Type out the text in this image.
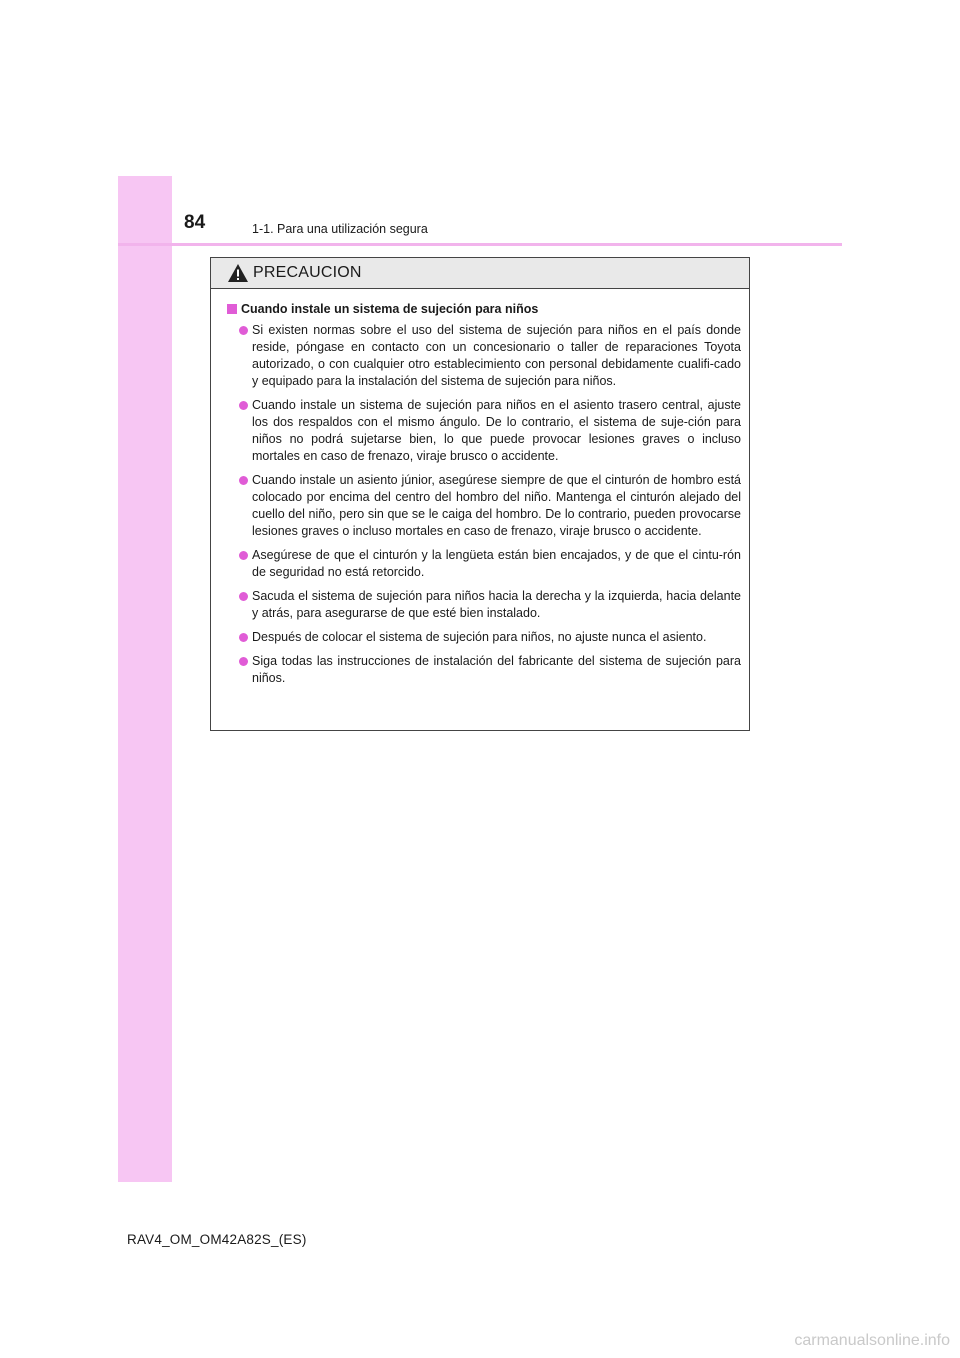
84	1-1. Para una utilización segura
PRECAUCION
Cuando instale un sistema de sujeción para niños
Si existen normas sobre el uso del sistema de sujeción para niños en el país donde reside, póngase en contacto con un concesionario o taller de reparaciones Toyota autorizado, o con cualquier otro establecimiento con personal debidamente cualifi-cado y equipado para la instalación del sistema de sujeción para niños.
Cuando instale un sistema de sujeción para niños en el asiento trasero central, ajuste los dos respaldos con el mismo ángulo. De lo contrario, el sistema de suje-ción para niños no podrá sujetarse bien, lo que puede provocar lesiones graves o incluso mortales en caso de frenazo, viraje brusco o accidente.
Cuando instale un asiento júnior, asegúrese siempre de que el cinturón de hombro está colocado por encima del centro del hombro del niño. Mantenga el cinturón alejado del cuello del niño, pero sin que se le caiga del hombro. De lo contrario, pueden provocarse lesiones graves o incluso mortales en caso de frenazo, viraje brusco o accidente.
Asegúrese de que el cinturón y la lengüeta están bien encajados, y de que el cintu-rón de seguridad no está retorcido.
Sacuda el sistema de sujeción para niños hacia la derecha y la izquierda, hacia delante y atrás, para asegurarse de que esté bien instalado.
Después de colocar el sistema de sujeción para niños, no ajuste nunca el asiento.
Siga todas las instrucciones de instalación del fabricante del sistema de sujeción para niños.
RAV4_OM_OM42A82S_(ES)
carmanualsonline.info
